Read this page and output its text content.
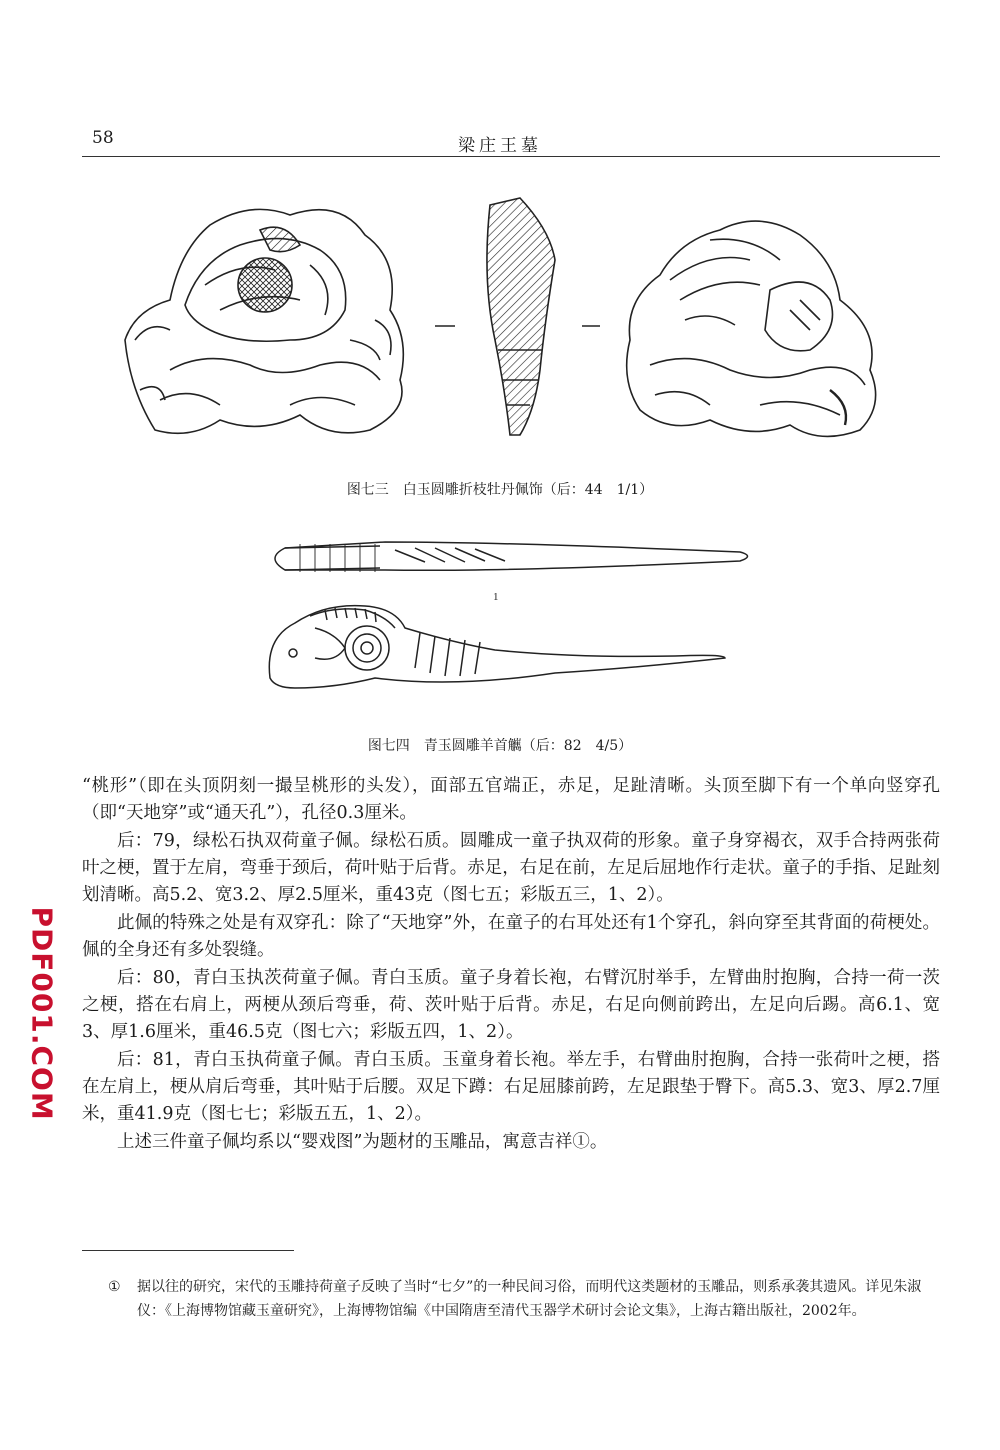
58	梁庄王墓
图七三　白玉圆雕折枝牡丹佩饰（后：44　1/1）
1
图七四　青玉圆雕羊首觽（后：82　4/5）
PDF001.COM

“桃形”（即在头顶阴刻一撮呈桃形的头发），面部五官端正，赤足，足趾清晰。头顶至脚下有一个单向竖穿孔（即“天地穿”或“通天孔”），孔径0.3厘米。

后：79，绿松石执双荷童子佩。绿松石质。圆雕成一童子执双荷的形象。童子身穿褐衣，双手合持两张荷叶之梗，置于左肩，弯垂于颈后，荷叶贴于后背。赤足，右足在前，左足后屈地作行走状。童子的手指、足趾刻划清晰。高5.2、宽3.2、厚2.5厘米，重43克（图七五；彩版五三，1、2）。

此佩的特殊之处是有双穿孔：除了“天地穿”外，在童子的右耳处还有1个穿孔，斜向穿至其背面的荷梗处。佩的全身还有多处裂缝。

后：80，青白玉执茨荷童子佩。青白玉质。童子身着长袍，右臂沉肘举手，左臂曲肘抱胸，合持一荷一茨之梗，搭在右肩上，两梗从颈后弯垂，荷、茨叶贴于后背。赤足，右足向侧前跨出，左足向后踢。高6.1、宽3、厚1.6厘米，重46.5克（图七六；彩版五四，1、2）。

后：81，青白玉执荷童子佩。青白玉质。玉童身着长袍。举左手，右臂曲肘抱胸，合持一张荷叶之梗，搭在左肩上，梗从肩后弯垂，其叶贴于后腰。双足下蹲：右足屈膝前跨，左足跟垫于臀下。高5.3、宽3、厚2.7厘米，重41.9克（图七七；彩版五五，1、2）。

上述三件童子佩均系以“婴戏图”为题材的玉雕品，寓意吉祥①。

① 据以往的研究，宋代的玉雕持荷童子反映了当时“七夕”的一种民间习俗，而明代这类题材的玉雕品，则系承袭其遗风。详见朱淑仪：《上海博物馆藏玉童研究》，上海博物馆编《中国隋唐至清代玉器学术研讨会论文集》，上海古籍出版社，2002年。
